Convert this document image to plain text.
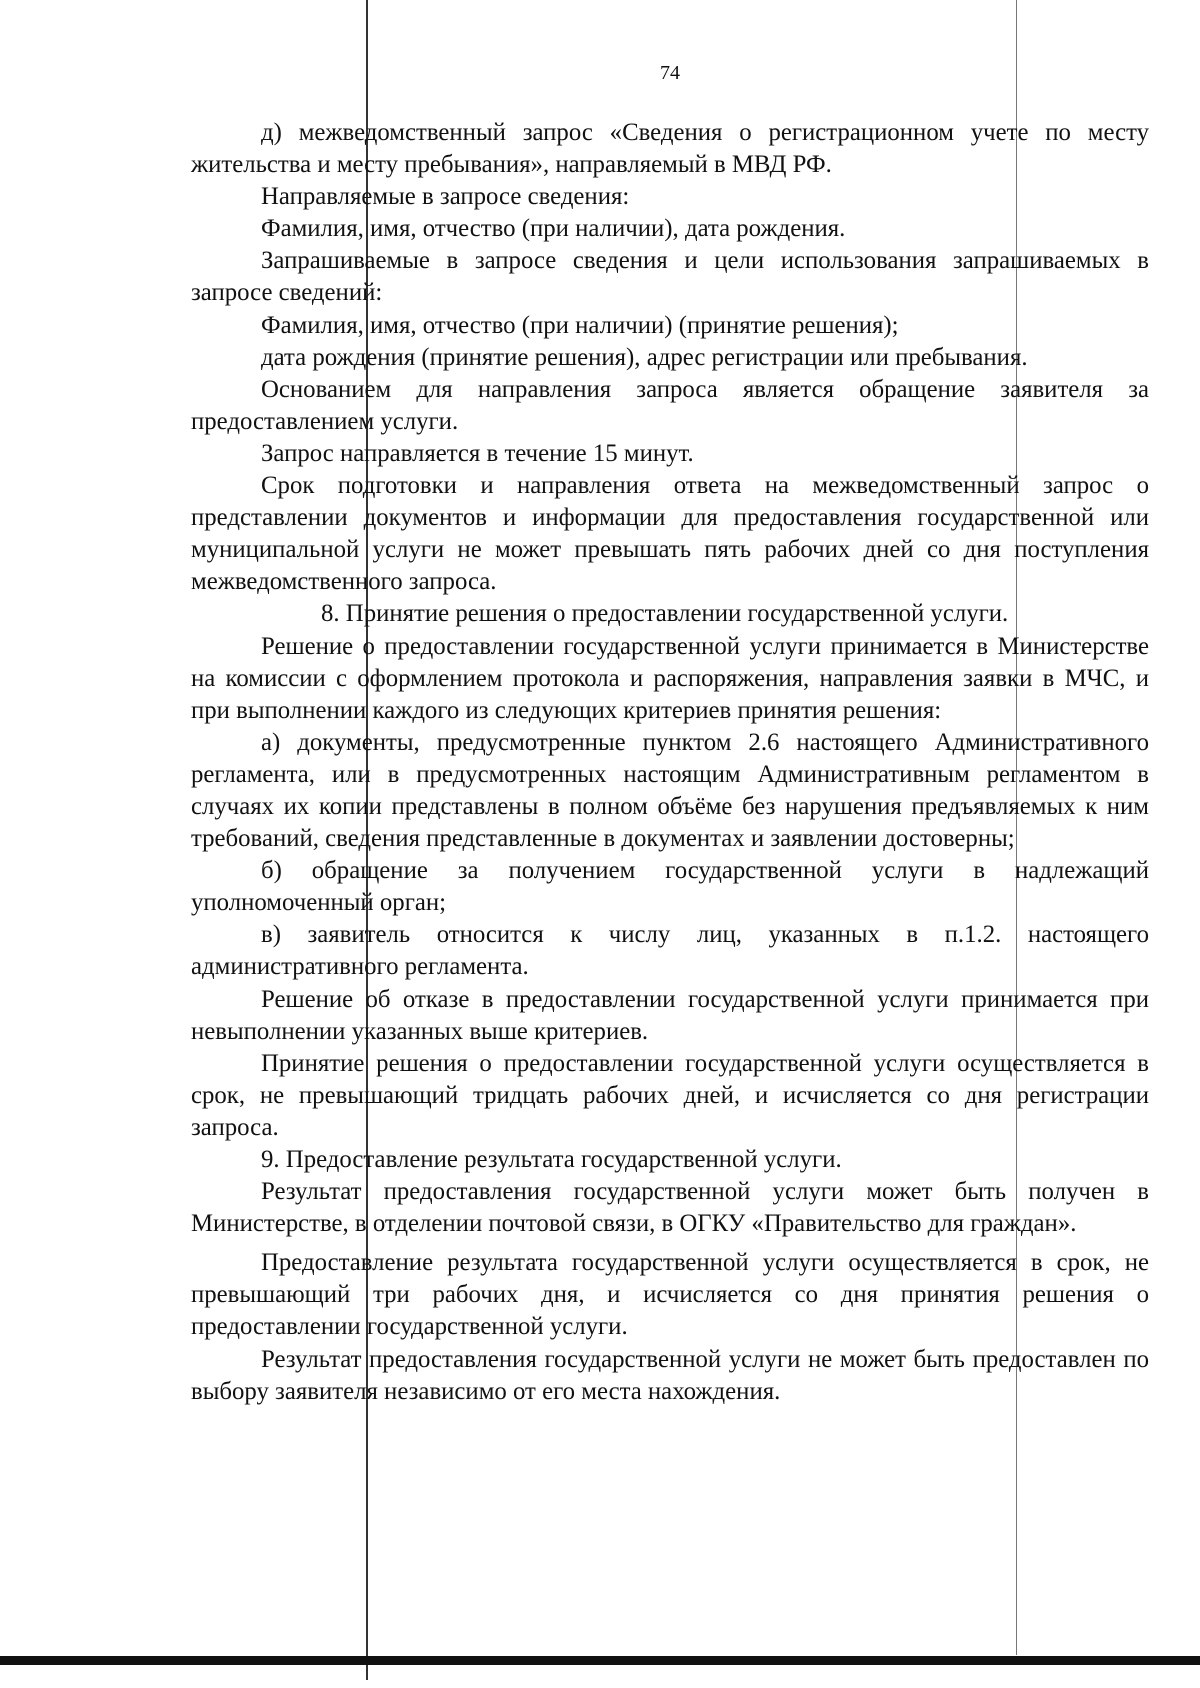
74

д) межведомственный запрос «Сведения о регистрационном учете по месту жительства и месту пребывания», направляемый в МВД РФ.

Направляемые в запросе сведения:

Фамилия, имя, отчество (при наличии), дата рождения.

Запрашиваемые в запросе сведения и цели использования запрашиваемых в запросе сведений:

Фамилия, имя, отчество (при наличии) (принятие решения);

дата рождения (принятие решения), адрес регистрации или пребывания.

Основанием для направления запроса является обращение заявителя за предоставлением услуги.

Запрос направляется в течение 15 минут.

Срок подготовки и направления ответа на межведомственный запрос о представлении документов и информации для предоставления государственной или муниципальной услуги не может превышать пять рабочих дней со дня поступления межведомственного запроса.

8. Принятие решения о предоставлении государственной услуги.

Решение о предоставлении государственной услуги принимается в Министерстве на комиссии с оформлением протокола и распоряжения, направления заявки в МЧС, и при выполнении каждого из следующих критериев принятия решения:

а) документы, предусмотренные пунктом 2.6 настоящего Административного регламента, или в предусмотренных настоящим Административным регламентом в случаях их копии представлены в полном объёме без нарушения предъявляемых к ним требований, сведения представленные в документах и заявлении достоверны;

б) обращение за получением государственной услуги в надлежащий уполномоченный орган;

в) заявитель относится к числу лиц, указанных в п.1.2. настоящего административного регламента.

Решение об отказе в предоставлении государственной услуги принимается при невыполнении указанных выше критериев.

Принятие решения о предоставлении государственной услуги осуществляется в срок, не превышающий тридцать рабочих дней, и исчисляется со дня регистрации запроса.

9. Предоставление результата государственной услуги.

Результат предоставления государственной услуги может быть получен в Министерстве, в отделении почтовой связи, в ОГКУ «Правительство для граждан».

Предоставление результата государственной услуги осуществляется в срок, не превышающий три рабочих дня, и исчисляется со дня принятия решения о предоставлении государственной услуги.

Результат предоставления государственной услуги не может быть предоставлен по выбору заявителя независимо от его места нахождения.
